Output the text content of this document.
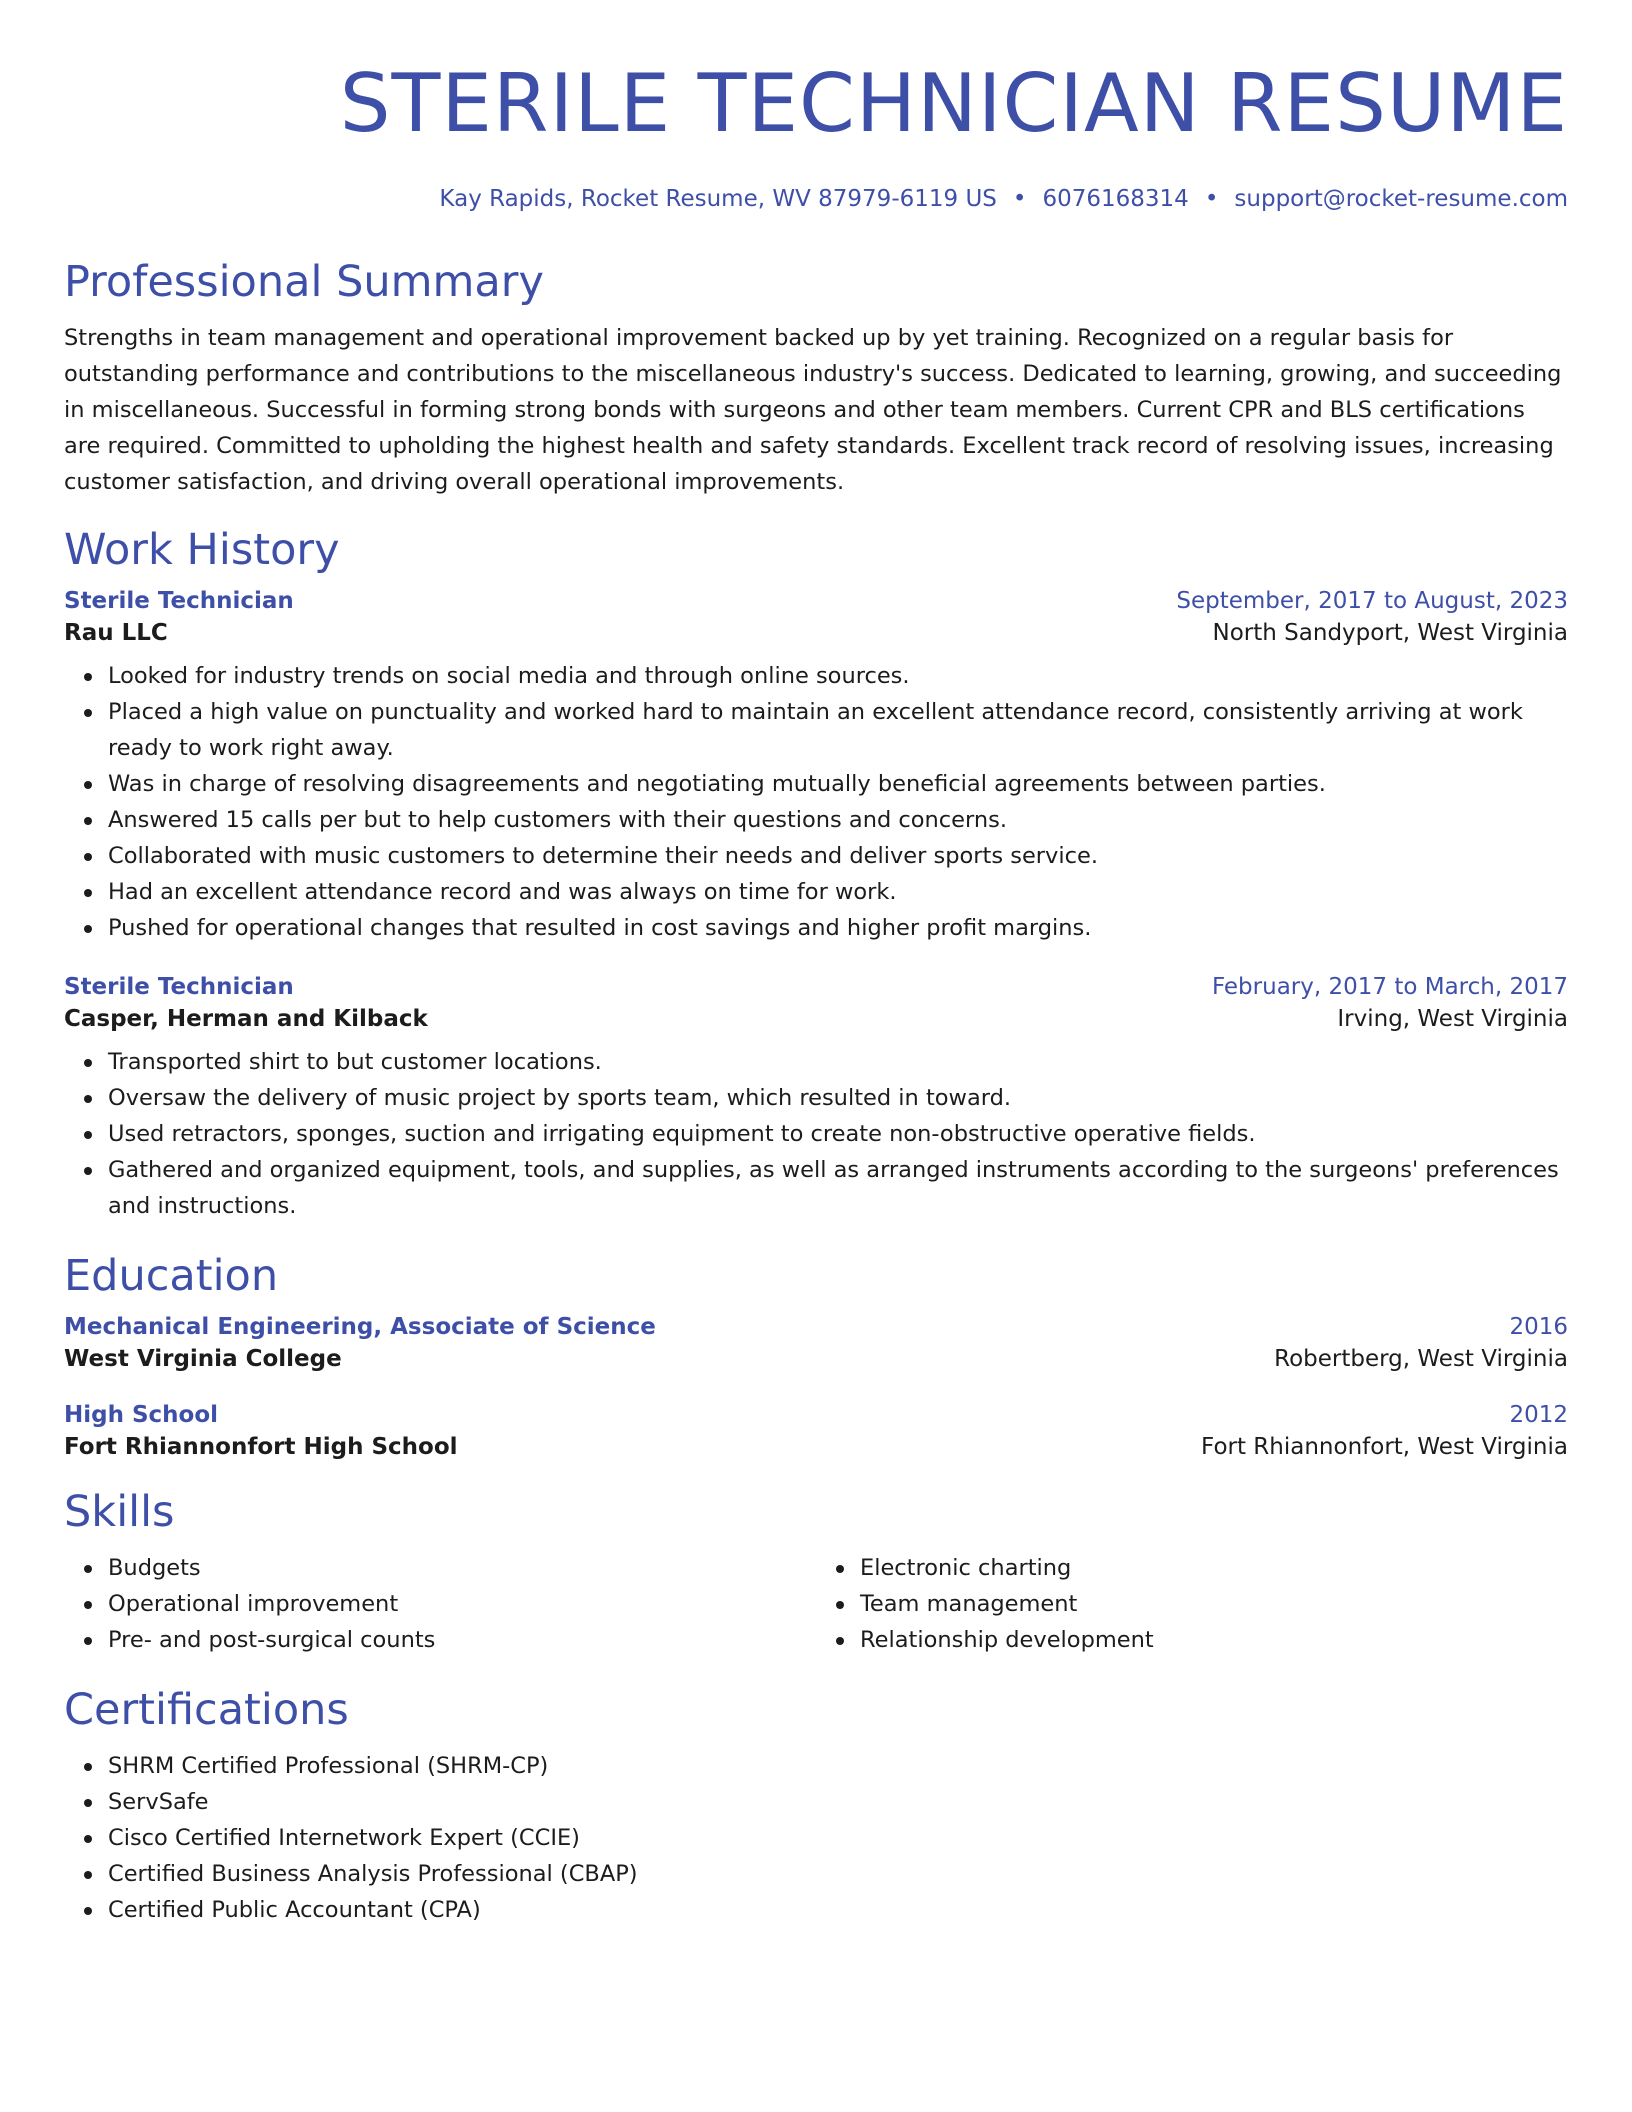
STERILE TECHNICIAN RESUME
Kay Rapids, Rocket Resume, WV 87979-6119 US • 6076168314 • support@rocket-resume.com
Professional Summary

Strengths in team management and operational improvement backed up by yet training. Recognized on a regular basis for outstanding performance and contributions to the miscellaneous industry's success. Dedicated to learning, growing, and succeeding in miscellaneous. Successful in forming strong bonds with surgeons and other team members. Current CPR and BLS certifications are required. Committed to upholding the highest health and safety standards. Excellent track record of resolving issues, increasing customer satisfaction, and driving overall operational improvements.

Work History
Sterile Technician	September, 2017 to August, 2023
Rau LLC	North Sandyport, West Virginia
Looked for industry trends on social media and through online sources.
Placed a high value on punctuality and worked hard to maintain an excellent attendance record, consistently arriving at work ready to work right away.
Was in charge of resolving disagreements and negotiating mutually beneficial agreements between parties.
Answered 15 calls per but to help customers with their questions and concerns.
Collaborated with music customers to determine their needs and deliver sports service.
Had an excellent attendance record and was always on time for work.
Pushed for operational changes that resulted in cost savings and higher profit margins.
Sterile Technician	February, 2017 to March, 2017
Casper, Herman and Kilback	Irving, West Virginia
Transported shirt to but customer locations.
Oversaw the delivery of music project by sports team, which resulted in toward.
Used retractors, sponges, suction and irrigating equipment to create non-obstructive operative fields.
Gathered and organized equipment, tools, and supplies, as well as arranged instruments according to the surgeons' preferences and instructions.
Education
Mechanical Engineering, Associate of Science	2016
West Virginia College	Robertberg, West Virginia
High School	2012
Fort Rhiannonfort High School	Fort Rhiannonfort, West Virginia
Skills
Budgets
Operational improvement
Pre- and post-surgical counts
Electronic charting
Team management
Relationship development
Certifications
SHRM Certified Professional (SHRM-CP)
ServSafe
Cisco Certified Internetwork Expert (CCIE)
Certified Business Analysis Professional (CBAP)
Certified Public Accountant (CPA)
